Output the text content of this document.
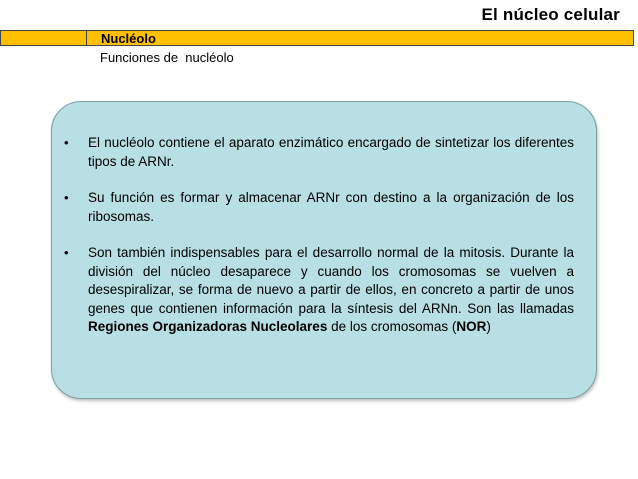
El núcleo celular
Nucléolo
Funciones de  nucléolo
• El nucléolo contiene el aparato enzimático encargado de sintetizar los diferentes tipos de ARNr.
• Su función es formar y almacenar ARNr con destino a la organización de los ribosomas.
• Son también indispensables para el desarrollo normal de la mitosis. Durante la división del núcleo desaparece y cuando los cromosomas se vuelven a desespiralizar, se forma de nuevo a partir de ellos, en concreto a partir de unos genes que contienen información para la síntesis del ARNn. Son las llamadas Regiones Organizadoras Nucleolares de los cromosomas (NOR)
